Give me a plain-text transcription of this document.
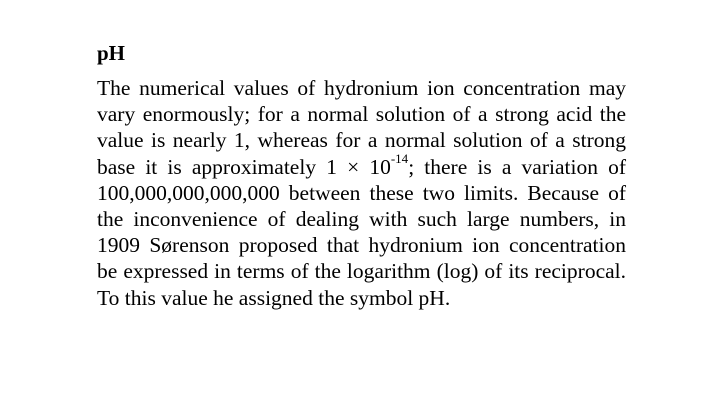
pH

The numerical values of hydronium ion concentration may vary enormously; for a normal solution of a strong acid the value is nearly 1, whereas for a normal solution of a strong base it is approximately $1 \times 10^{-14}$; there is a variation of 100,000,000,000,000 between these two limits. Because of the inconvenience of dealing with such large numbers, in 1909 Sørenson proposed that hydronium ion concentration be expressed in terms of the logarithm (log) of its reciprocal. To this value he assigned the symbol pH.
